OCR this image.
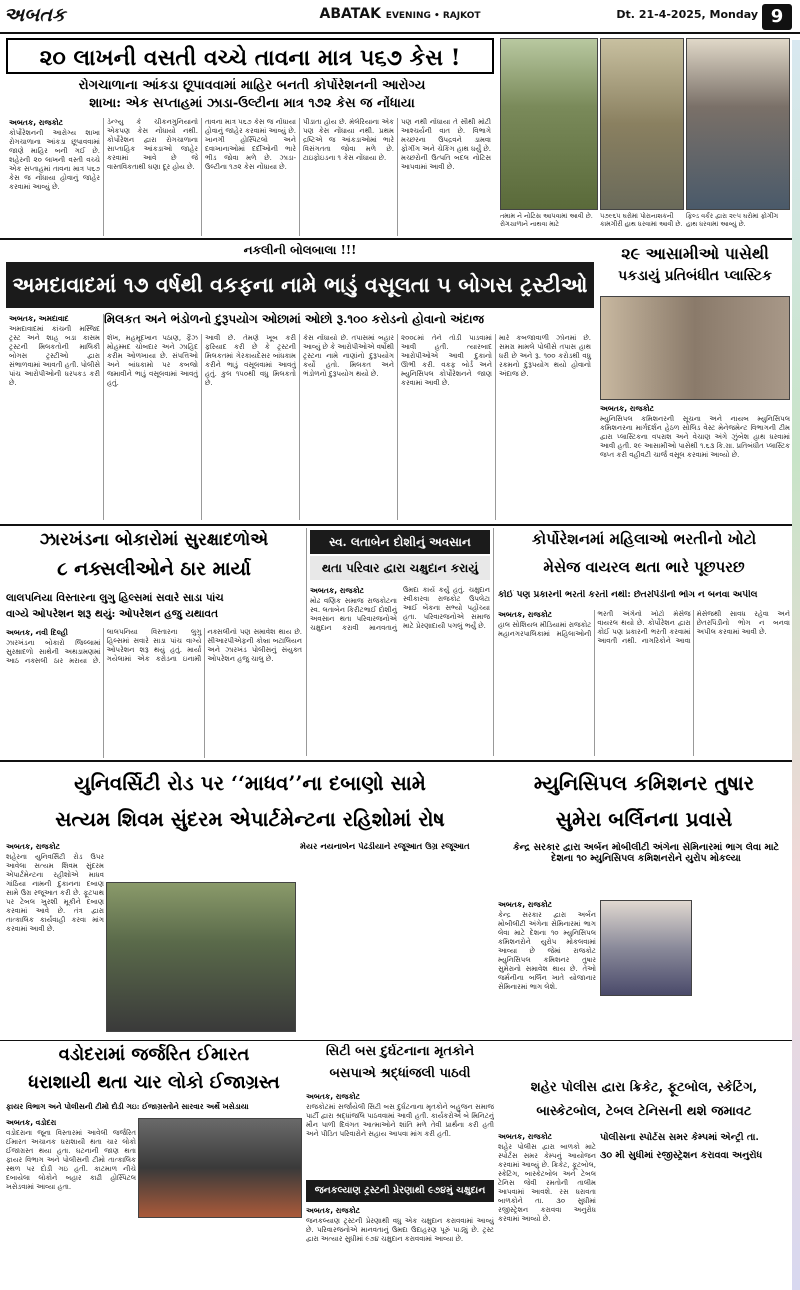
અબતક	ABATAK EVENING • RAJKOT	Dt. 21-4-2025, Monday 9
૨૦ લાખની વસતી વચ્ચે તાવના માત્ર ૫૬૭ કેસ !
રોગચાળાના આંકડા છૂપાવવામાં માહિર બનતી કોર્પોરેશનની આરોગ્ય
શાખા: એક સપ્તાહમાં ઝાડા-ઉલ્ટીના માત્ર ૧૭૨ કેસ જ નોંધાયા

અબતક, રાજકોટ

કોર્પોરેશનની આરોગ્ય શાખા રોગચાળાના આંકડા છૂપાવવામાં જાણે માહિર બની ગઈ છે. શહેરની ૨૦ લાખની વસ્તી વચ્ચે એક સપ્તાહમાં તાવના માત્ર ૫૬૭ કેસ જ નોંધાયા હોવાનું જાહેર કરવામાં આવ્યું છે.

ડેન્ગ્યુ કે ચીકનગુનિયાનો એકપણ કેસ નોંધાયો નથી. કોર્પોરેશન દ્વારા રોગચાળાના સાપ્તાહિક આંકડાઓ જાહેર કરવામાં આવે છે જે વાસ્તવિકતાથી ઘણા દૂર હોય છે.

તાવના માત્ર ૫૬૭ કેસ જ નોંધાયા હોવાનું જાહેર કરવામાં આવ્યું છે. ખાનગી હોસ્પિટલો અને દવાખાનાઓમાં દર્દીઓની ભારે ભીડ જોવા મળે છે. ઝાડા-ઉલ્ટીના ૧૭૨ કેસ નોંધાયા છે.

પીડાતા હોય છે. મેલેરિયાના એક પણ કેસ નોંધાયા નથી. પ્રથમ દ્રષ્ટિએ જ આંકડાઓમાં ભારે વિસંગતતા જોવા મળે છે. ટાઇફોઇડના ૧ કેસ નોંધાયા છે.

પણ નથી નોંધાયા તે સૌથી મોટી આશ્ચર્યની વાત છે. વિભાગે મચ્છરના ઉપદ્રવને ડામવા ફોગીંગ અને ચેકિંગ હાથ ધર્યું છે. મચ્છરોની ઉત્પતિ બદલ નોટિસ આપવામાં આવી છે.

તમામ ને નોટિસ આપવામાં આવી છે. રોગચાળાને નાથવા માટે
૫૭૯૬૫ ઘરોમાં પોરાનાશકની કામગીરી હાથ ધરવામાં આવી છે.
ફિલ્ડ વર્કર દ્વારા ૨૯૫ ઘરોમાં ફોગીંગ હાથ ધરવામાં આવ્યું છે.
નકલીની બોલબાલા !!!
અમદાવાદમાં ૧૭ વર્ષથી વકફના નામે ભાડું વસૂલતા ૫ બોગસ ટ્રસ્ટીઓ
મિલકત અને ભંડોળનો દુરૂપયોગ ઓછામાં ઓછો રૂ.૧૦૦ કરોડનો હોવાનો અંદાજ

અબતક, અમદાવાદ

અમદાવાદમાં કાંચની મસ્જિદ ટ્રસ્ટ અને શાહ બડા કાસમ ટ્રસ્ટની મિલકતોની માલિકી બોગસ ટ્રસ્ટીઓ દ્વારા સંભાળવામાં આવતી હતી. પોલીસે પાંચ આરોપીઓની ધરપકડ કરી છે.

શેખ, મહમૂદખાન પઠાણ, ફૈઝ મોહમ્મદ ચોબદાર અને ઝાહિદ કરીમ ઓળખાયા છે. સંપત્તિઓ અને બાંધકામો પર કબજો જમાવીને ભાડું વસૂલવામાં આવતું હતું.

આવી છે. તેમણે ખૂબ કરી ફરિયાદ કરી છે કે ટ્રસ્ટની મિલકતમાં ગેરકાયદેસર બાંધકામ કરીને ભાડું વસૂલવામાં આવતું હતું. કુલ ૧૫૦થી વધુ મિલકતો છે.

કેસ નોંધાયો છે. તપાસમાં બહાર આવ્યું છે કે આરોપીઓએ વર્ષોથી ટ્રસ્ટના નામે નાણાંનો દુરૂપયોગ કર્યો હતો. મિલકત અને ભંડોળનો દુરૂપયોગ થયો છે.

૨૦૦૮માં તેને તોડી પાડવામાં આવી હતી. ત્યારબાદ આરોપીઓએ આવી દુકાનો ઊભી કરી. વકફ બોર્ડ અને મ્યુનિસિપલ કોર્પોરેશનને જાણ કરવામાં આવી છે.

મારે કબજાવાળી ઝોનમાં છે. સમગ્ર મામલે પોલીસે તપાસ હાથ ધરી છે અને રૂ. ૧૦૦ કરોડથી વધુ રકમનો દુરૂપયોગ થયો હોવાનો અંદાજ છે.

૨૯ આસામીઓ પાસેથી
પકડાયું પ્રતિબંધીત પ્લાસ્ટિક

અબતક, રાજકોટ

મ્યુનિસિપલ કમિશનરની સૂચના અને નાયબ મ્યુનિસિપલ કમિશનરના માર્ગદર્શન હેઠળ સોલિડ વેસ્ટ મેનેજમેન્ટ વિભાગની ટીમ દ્વારા પ્લાસ્ટિકના વપરાશ અને વેચાણ અંગે ઝુંબેશ હાથ ધરવામાં આવી હતી. ૨૯ આસામીઓ પાસેથી ૧.૬૩ કિ.ગ્રા. પ્રતિબંધીત પ્લાસ્ટિક જપ્ત કરી વહીવટી ચાર્જ વસૂલ કરવામાં આવ્યો છે.

ઝારખંડના બોકારોમાં સુરક્ષાદળોએ
૮ નક્સલીઓને ઠાર માર્યા
લાલપનિયા વિસ્તારના લુગુ હિલ્સમાં સવારે સાડા પાંચ
વાગ્યે ઓપરેશન શરૂ થયું: ઓપરેશન હજુ યથાવત

અબતક, નવી દિલ્હી

ઝારખંડના બોકારો જિલ્લામાં સુરક્ષાદળો સાથેની અથડામણમાં આઠ નક્સલી ઠાર મરાયા છે. લાલપનિયા વિસ્તારના લુગુ હિલ્સમાં સવારે સાડા પાંચ વાગ્યે ઓપરેશન શરૂ થયું હતું. માર્યા ગયેલામાં એક કરોડના ઇનામી નક્સલીનો પણ સમાવેશ થાય છે. સીઆરપીએફની કોબ્રા બટાલિયન અને ઝારખંડ પોલીસનું સંયુક્ત ઓપરેશન હજુ ચાલુ છે.

સ્વ. લતાબેન દોશીનું અવસાન
થતા પરિવાર દ્વારા ચક્ષુદાન કરાયું

અબતક, રાજકોટ

મોઢ વણિક સમાજ રાજકોટના સ્વ. લતાબેન કિરીટભાઈ દોશીનું અવસાન થતા પરિવારજનોએ ચક્ષુદાન કરાવી માનવતાનું ઉમદા કાર્ય કર્યું હતું. ચક્ષુદાન સ્વીકારવા રાજકોટ ઉપલેટા આઈ બેંકના સભ્યો પહોંચ્યા હતા. પરિવારજનોએ સમાજ માટે પ્રેરણાદાયી પગલું ભર્યું છે.

કોર્પોરેશનમાં મહિલાઓ ભરતીનો ખોટો
મેસેજ વાયરલ થતા ભારે પૂછપરછ
કોઈ પણ પ્રકારની ભરતી કરતી નથી: છેતરપિંડીનો ભોગ ન બનવા અપીલ

અબતક, રાજકોટ

હાલ સોશિયલ મીડિયામાં રાજકોટ મહાનગરપાલિકામાં મહિલાઓની ભરતી અંગેનો ખોટો મેસેજ વાયરલ થયો છે. કોર્પોરેશન દ્વારા કોઈ પણ પ્રકારની ભરતી કરવામાં આવતી નથી. નાગરિકોને આવા મેસેજથી સાવધ રહેવા અને છેતરપિંડીનો ભોગ ન બનવા અપીલ કરવામાં આવી છે.

યુનિવર્સિટી રોડ પર ‘‘માધવ’’ના દબાણો સામે
સત્યમ શિવમ સુંદરમ એપાર્ટમેન્ટના રહિશોમાં રોષ
મેયર નયનાબેન પેઢડીયાને રજૂઆત ઉગ્ર રજૂઆત

અબતક, રાજકોટ

શહેરના યુનિવર્સિટી રોડ ઉપર આવેલા સત્યમ શિવમ સુંદરમ એપાર્ટમેન્ટના રહીશોએ માધવ ગાંઠિયા નામની દુકાનના દબાણ સામે ઉગ્ર રજૂઆત કરી છે. ફૂટપાથ પર ટેબલ ખુરશી મૂકીને દબાણ કરવામાં આવે છે. તંત્ર દ્વારા તાત્કાલિક કાર્યવાહી કરવા માંગ કરવામાં આવી છે.

મ્યુનિસિપલ કમિશનર તુષાર
સુમેરા બર્લિનના પ્રવાસે
કેન્દ્ર સરકાર દ્વારા અર્બન મોબીલીટી અંગેના સેમિનારમાં ભાગ લેવા માટે દેશના ૧૦ મ્યુનિસિપલ કમિશનરોને યુરોપ મોકલ્યા

અબતક, રાજકોટ

કેન્દ્ર સરકાર દ્વારા અર્બન મોબીલીટી અંગેના સેમિનારમાં ભાગ લેવા માટે દેશના ૧૦ મ્યુનિસિપલ કમિશનરોને યુરોપ મોકલવામાં આવ્યા છે જેમાં રાજકોટ મ્યુનિસિપલ કમિશનર તુષાર સુમેરાનો સમાવેશ થાય છે. તેઓ જર્મનીના બર્લિન ખાતે યોજાનાર સેમિનારમાં ભાગ લેશે.

વડોદરામાં જર્જરિત ઈમારત
ધરાશાયી થતા ચાર લોકો ઈજાગ્રસ્ત
ફાયર વિભાગ અને પોલીસની ટીમો દોડી ગઇ: ઈજાગ્રસ્તોને સારવાર અર્થે ખસેડાયા

અબતક, વડોદરા

વડોદરાના જૂના વિસ્તારમાં આવેલી જર્જરિત ઈમારત અચાનક ધરાશાયી થતા ચાર લોકો ઈજાગ્રસ્ત થયા હતા. ઘટનાની જાણ થતા ફાયર વિભાગ અને પોલીસની ટીમો તાત્કાલિક સ્થળ પર દોડી ગઇ હતી. કાટમાળ નીચે દબાયેલા લોકોને બહાર કાઢી હોસ્પિટલ ખસેડવામાં આવ્યા હતા.

સિટી બસ દુર્ઘટનાના મૃતકોને
બસપાએ શ્રદ્ધાંજલી પાઠવી

અબતક, રાજકોટ

રાજકોટમાં સર્જાયેલી સિટી બસ દુર્ઘટનાના મૃતકોને બહુજન સમાજ પાર્ટી દ્વારા શ્રદ્ધાંજલિ પાઠવવામાં આવી હતી. કાર્યકરોએ બે મિનિટનું મૌન પાળી દિવંગત આત્માઓને શાંતિ મળે તેવી પ્રાર્થના કરી હતી અને પીડિત પરિવારોને સહાય આપવા માંગ કરી હતી.

જનકલ્યાણ ટ્રસ્ટની પ્રેરણાથી ૯૭૪મું ચક્ષુદાન

અબતક, રાજકોટ

જનકલ્યાણ ટ્રસ્ટની પ્રેરણાથી વધુ એક ચક્ષુદાન કરાવવામાં આવ્યું છે. પરિવારજનોએ માનવતાનું ઉમદા ઉદાહરણ પૂરું પાડ્યું છે. ટ્રસ્ટ દ્વારા અત્યાર સુધીમાં ૯૭૪ ચક્ષુદાન કરાવવામાં આવ્યા છે.

શહેર પોલીસ દ્વારા ક્રિકેટ, ફૂટબોલ, સ્કેટિંગ,
બાસ્કેટબોલ, ટેબલ ટેનિસની થશે જમાવટ
પોલીસના સ્પોર્ટસ સમર કેમ્પમાં એન્ટ્રી તા.
૩૦ મી સુધીમાં રજીસ્ટ્રેશન કરાવવા અનુરોધ

અબતક, રાજકોટ

શહેર પોલીસ દ્વારા બાળકો માટે સ્પોર્ટસ સમર કેમ્પનું આયોજન કરવામાં આવ્યું છે. ક્રિકેટ, ફૂટબોલ, સ્કેટિંગ, બાસ્કેટબોલ અને ટેબલ ટેનિસ જેવી રમતોની તાલીમ આપવામાં આવશે. રસ ધરાવતા બાળકોને તા. ૩૦ સુધીમાં રજીસ્ટ્રેશન કરાવવા અનુરોધ કરવામાં આવ્યો છે.
